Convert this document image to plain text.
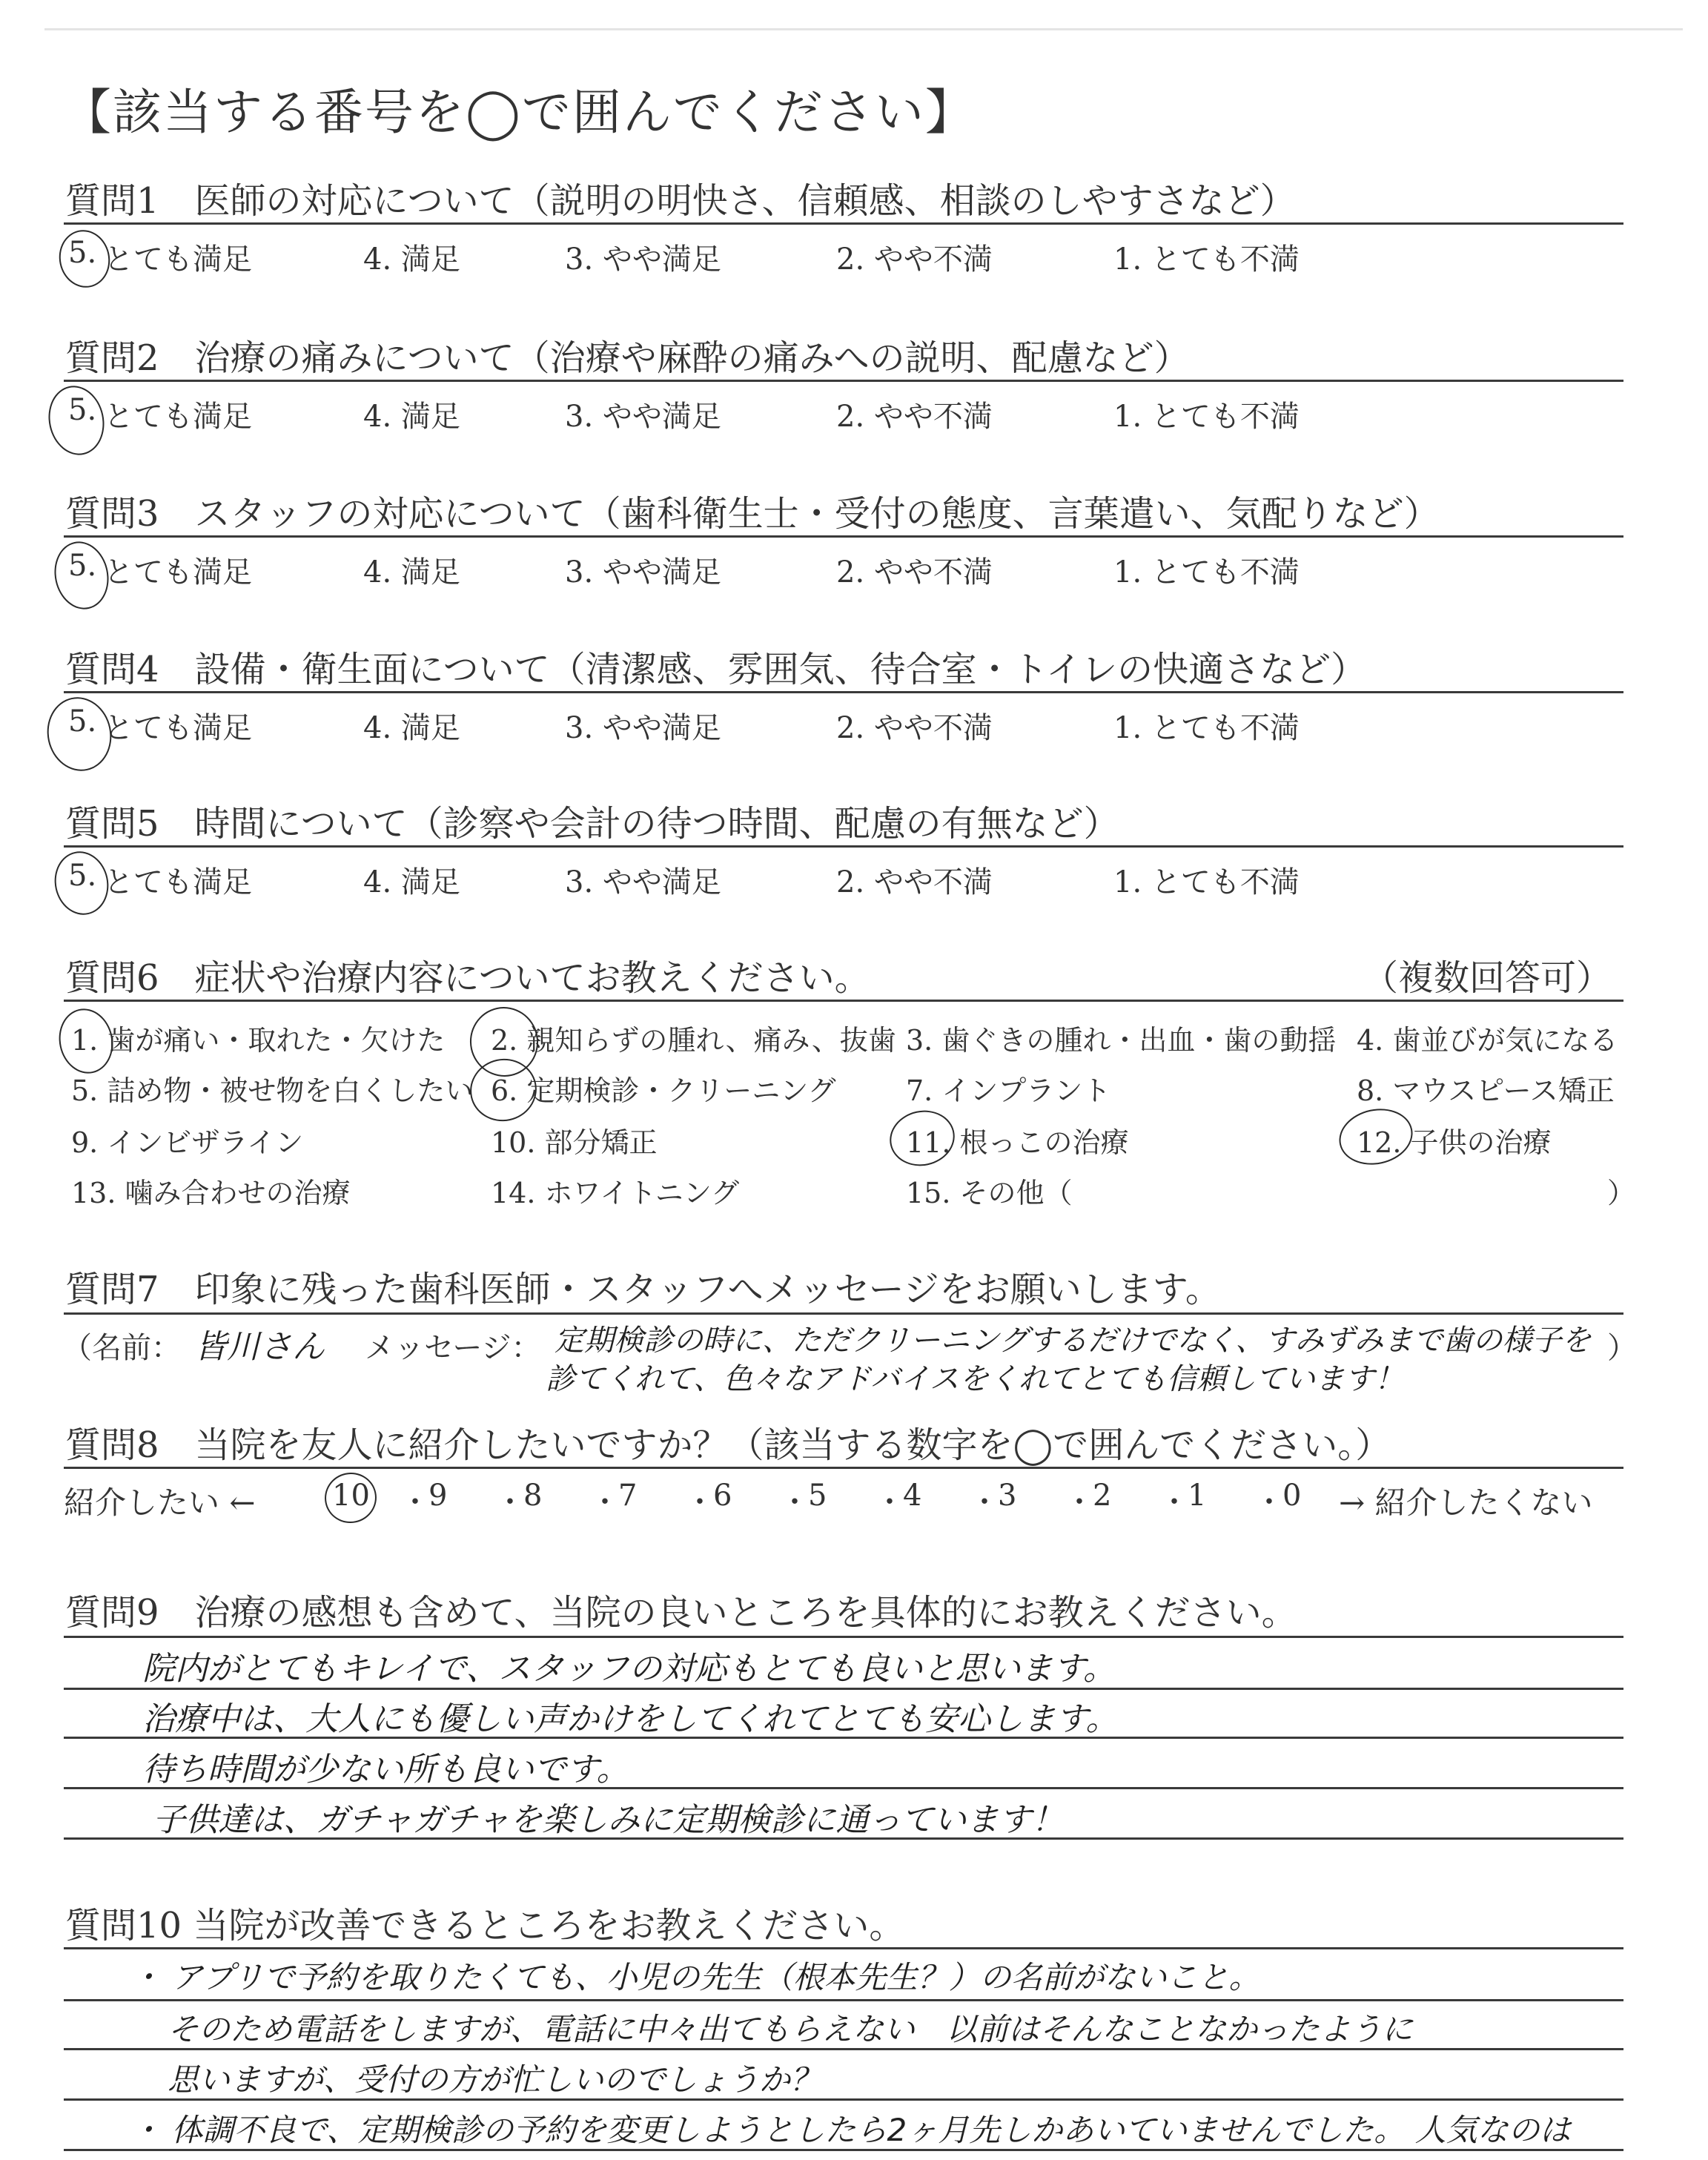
【該当する番号を◯で囲んでください】
質問1　医師の対応について（説明の明快さ、信頼感、相談のしやすさなど）
5. とても満足	4. 満足	3. やや満足	2. やや不満	1. とても不満
質問2　治療の痛みについて（治療や麻酔の痛みへの説明、配慮など）
5. とても満足	4. 満足	3. やや満足	2. やや不満	1. とても不満
質問3　スタッフの対応について（歯科衛生士・受付の態度、言葉遣い、気配りなど）
5. とても満足	4. 満足	3. やや満足	2. やや不満	1. とても不満
質問4　設備・衛生面について（清潔感、雰囲気、待合室・トイレの快適さなど）
5. とても満足	4. 満足	3. やや満足	2. やや不満	1. とても不満
質問5　時間について（診察や会計の待つ時間、配慮の有無など）
5. とても満足	4. 満足	3. やや満足	2. やや不満	1. とても不満
質問6　症状や治療内容についてお教えください。	（複数回答可）
1. 歯が痛い・取れた・欠けた 2. 親知らずの腫れ、痛み、抜歯 3. 歯ぐきの腫れ・出血・歯の動揺 4. 歯並びが気になる
5. 詰め物・被せ物を白くしたい 6. 定期検診・クリーニング 7. インプラント	8. マウスピース矯正
9. インビザライン	10. 部分矯正	11. 根っこの治療	12. 子供の治療
13. 噛み合わせの治療	14. ホワイトニング	15. その他（	）
質問7　印象に残った歯科医師・スタッフへメッセージをお願いします。
（名前： 皆川さん メッセージ： 定期検診の時に、ただクリーニングするだけでなく、すみずみまで歯の様子を ）
診てくれて、色々なアドバイスをくれてとても信頼しています！
質問8　当院を友人に紹介したいですか？（該当する数字を◯で囲んでください。）
紹介したい ←	10 9	8	7	6	5	4	3	2	1	0 → 紹介したくない
・ ・ ・ ・ ・ ・ ・ ・ ・ ・
質問9　治療の感想も含めて、当院の良いところを具体的にお教えください。
院内がとてもキレイで、スタッフの対応もとても良いと思います。
治療中は、大人にも優しい声かけをしてくれてとても安心します。
待ち時間が少ない所も良いです。
子供達は、ガチャガチャを楽しみに定期検診に通っています！
質問10 当院が改善できるところをお教えください。
・ アプリで予約を取りたくても、小児の先生（根本先生？）の名前がないこと。
そのため電話をしますが、電話に中々出てもらえない　以前はそんなことなかったように
思いますが、受付の方が忙しいのでしょうか？
・ 体調不良で、定期検診の予約を変更しようとしたら2ヶ月先しかあいていませんでした。 人気なのは
